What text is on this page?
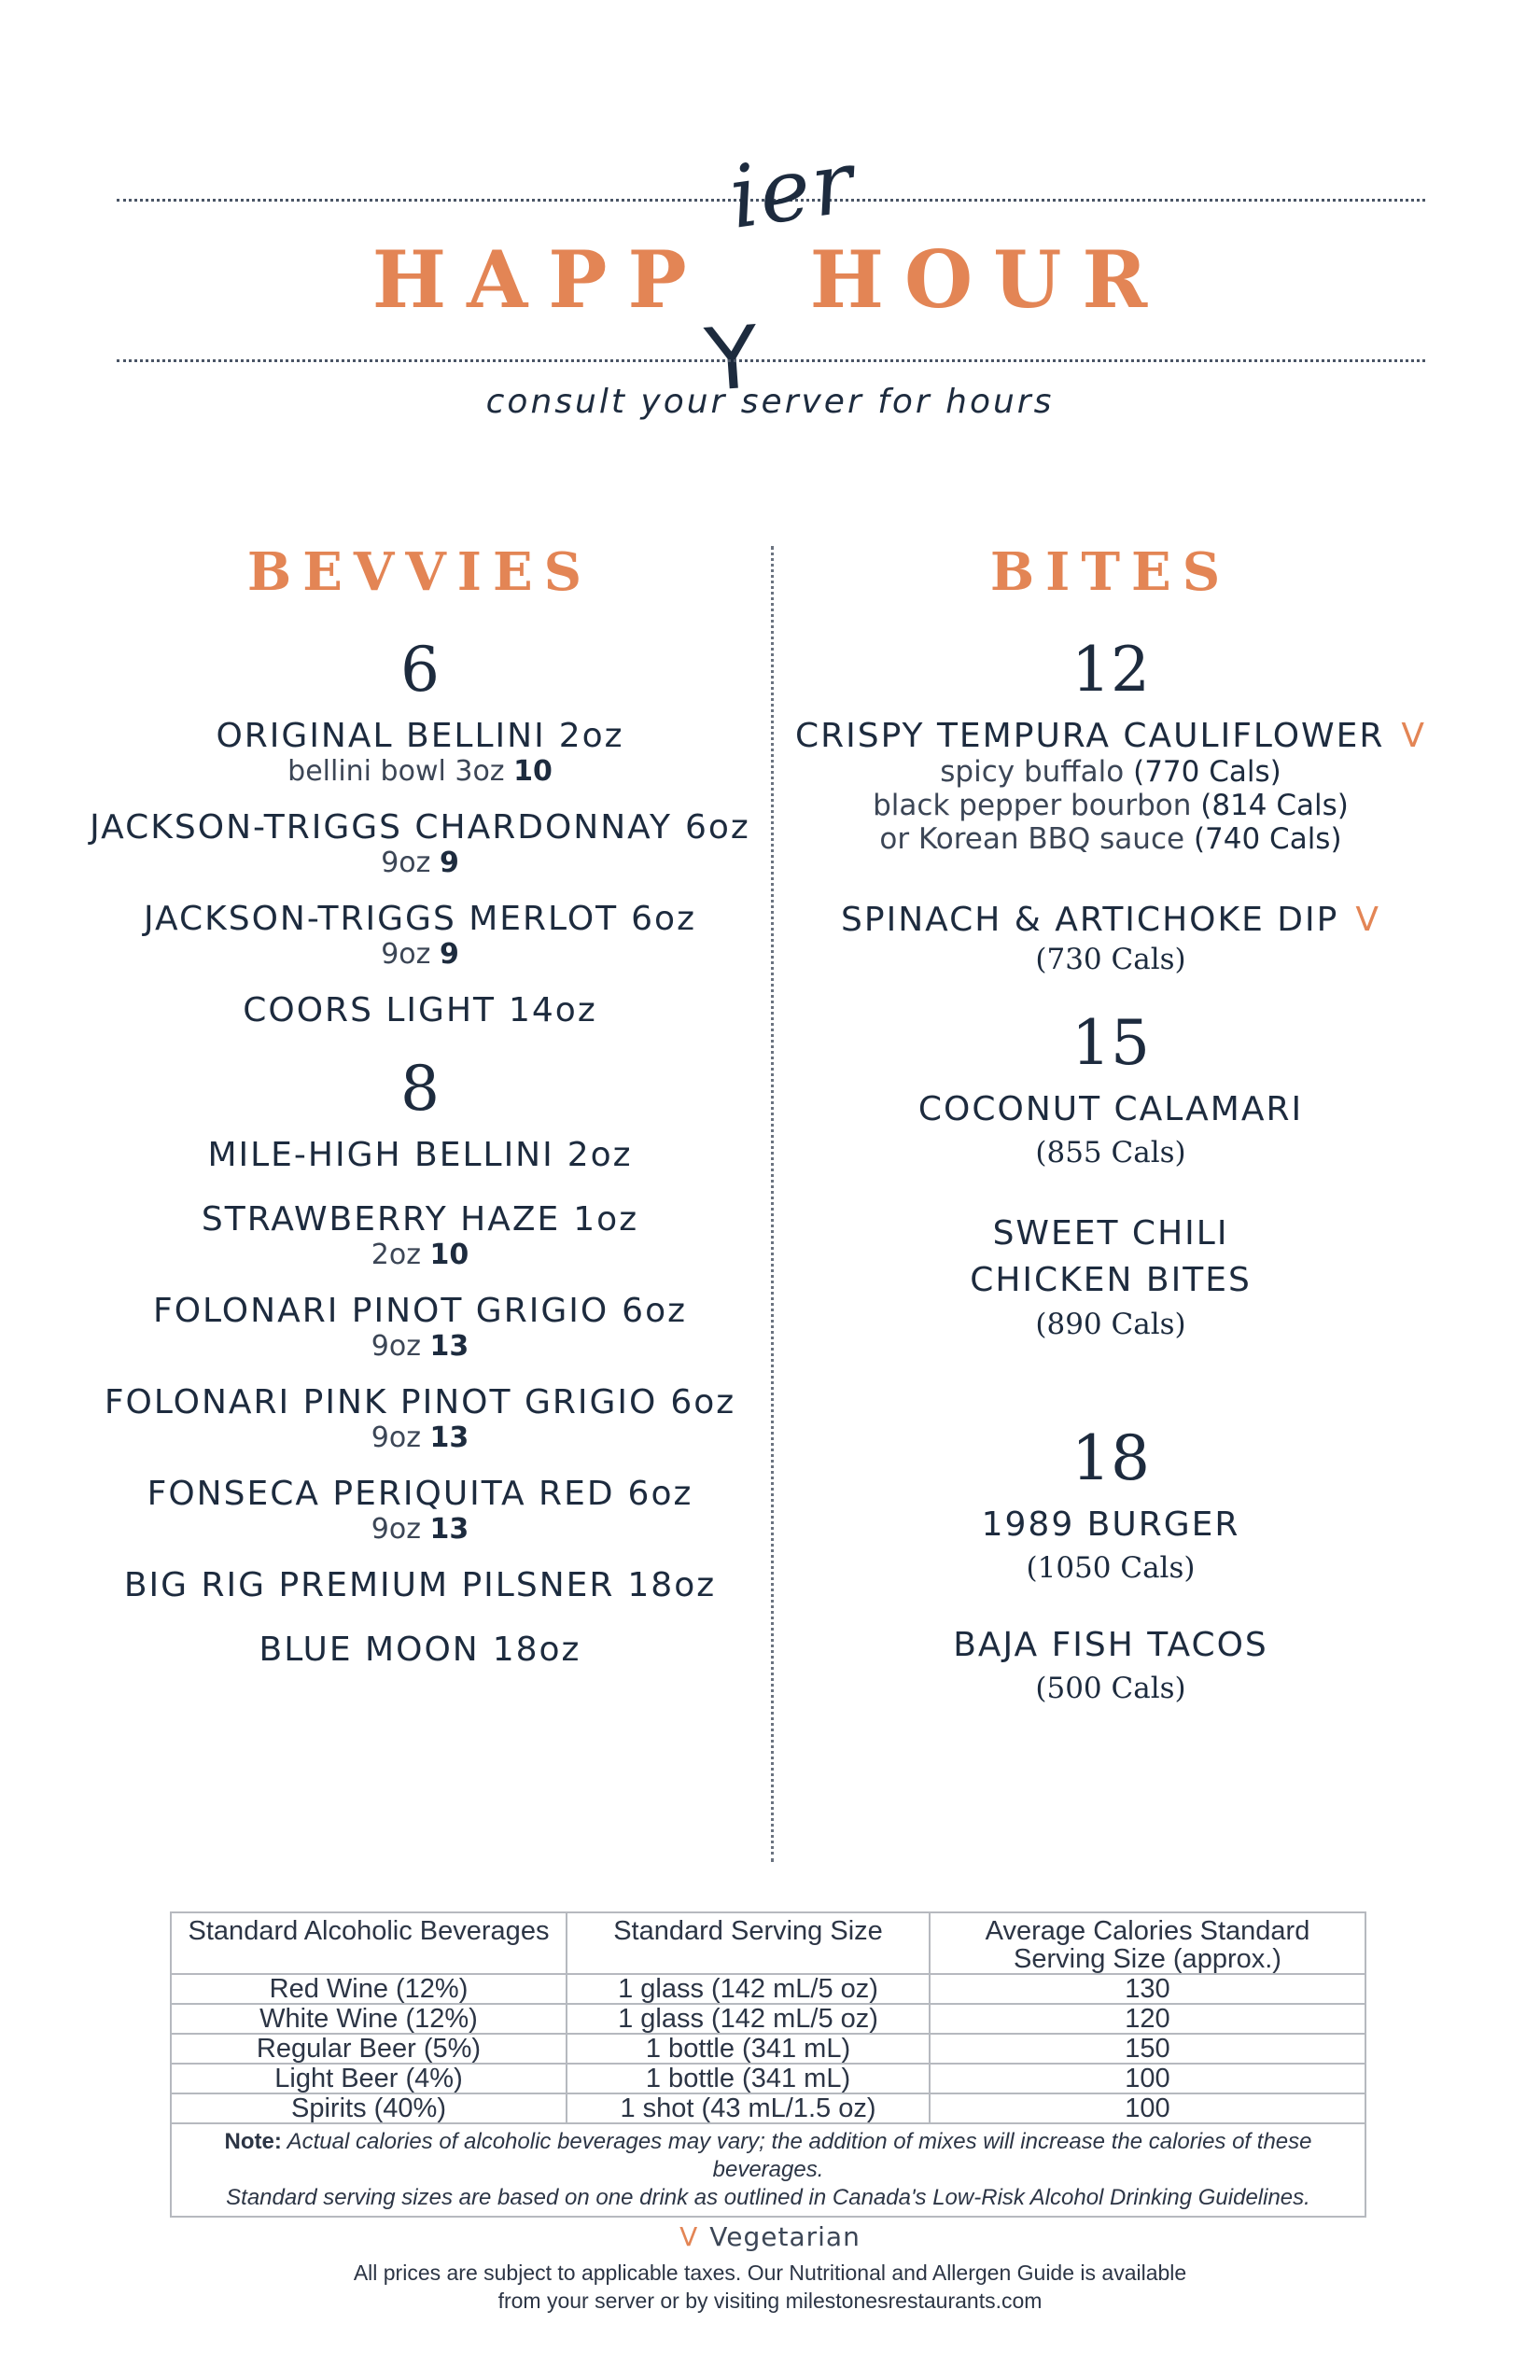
HAPP
Y
HOUR
ier
consult your server for hours
BEVVIES
6
ORIGINAL BELLINI 2oz
bellini bowl 3oz 10
JACKSON-TRIGGS CHARDONNAY 6oz
9oz 9
JACKSON-TRIGGS MERLOT 6oz
9oz 9
COORS LIGHT 14oz
8
MILE-HIGH BELLINI 2oz
STRAWBERRY HAZE 1oz
2oz 10
FOLONARI PINOT GRIGIO 6oz
9oz 13
FOLONARI PINK PINOT GRIGIO 6oz
9oz 13
FONSECA PERIQUITA RED 6oz
9oz 13
BIG RIG PREMIUM PILSNER 18oz
BLUE MOON 18oz
BITES
12
CRISPY TEMPURA CAULIFLOWER V
spicy buffalo (770 Cals)
black pepper bourbon (814 Cals)
or Korean BBQ sauce (740 Cals)
SPINACH & ARTICHOKE DIP V
(730 Cals)
15
COCONUT CALAMARI
(855 Cals)
SWEET CHILI
CHICKEN BITES
(890 Cals)
18
1989 BURGER
(1050 Cals)
BAJA FISH TACOS
(500 Cals)
Standard Alcoholic Beverages	Standard Serving Size	Average Calories Standard Serving Size (approx.)
Red Wine (12%)	1 glass (142 mL/5 oz)	130
White Wine (12%)	1 glass (142 mL/5 oz)	120
Regular Beer (5%)	1 bottle (341 mL)	150
Light Beer (4%)	1 bottle (341 mL)	100
Spirits (40%)	1 shot (43 mL/1.5 oz)	100
Note: Actual calories of alcoholic beverages may vary; the addition of mixes will increase the calories of these beverages.
Standard serving sizes are based on one drink as outlined in Canada's Low-Risk Alcohol Drinking Guidelines.		
V Vegetarian
All prices are subject to applicable taxes. Our Nutritional and Allergen Guide is available
from your server or by visiting milestonesrestaurants.com
